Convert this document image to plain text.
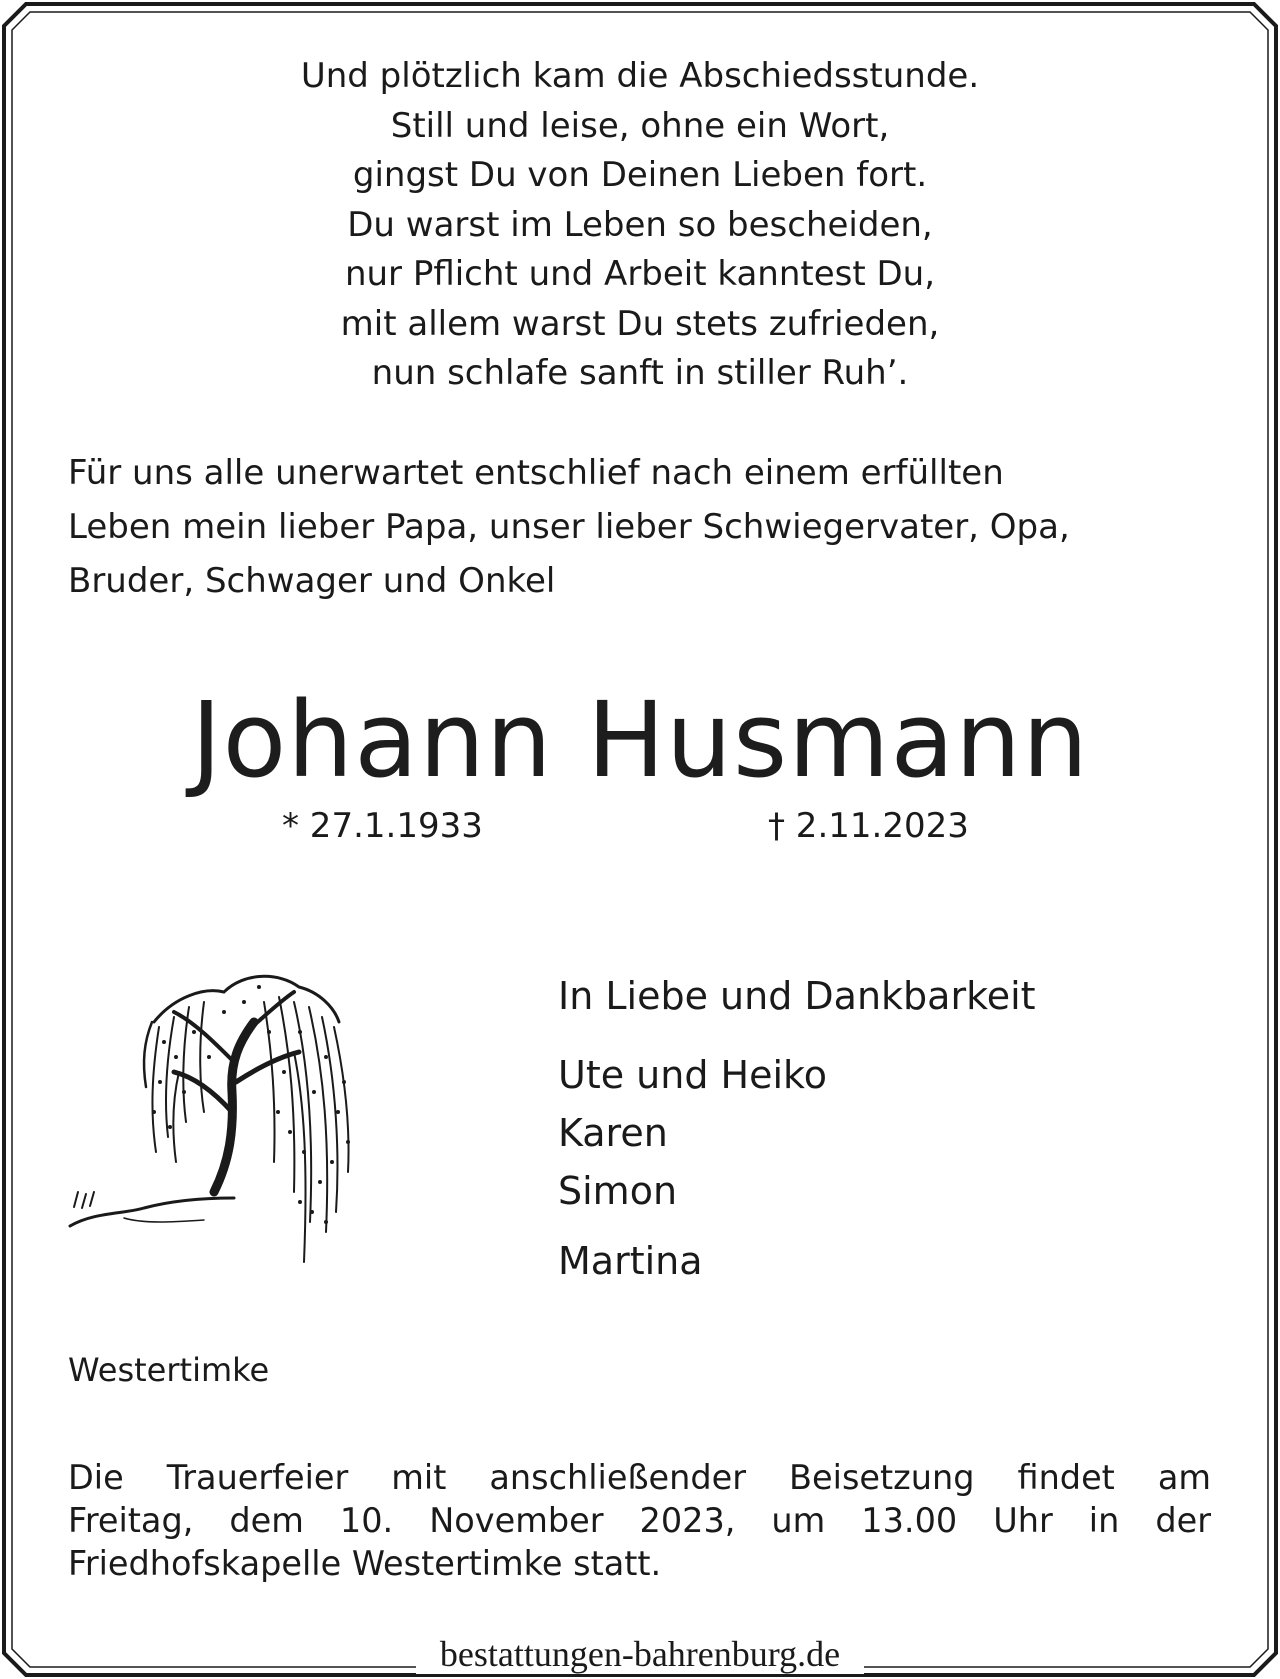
Und plötzlich kam die Abschiedsstunde.
Still und leise, ohne ein Wort,
gingst Du von Deinen Lieben fort.
Du warst im Leben so bescheiden,
nur Pflicht und Arbeit kanntest Du,
mit allem warst Du stets zufrieden,
nun schlafe sanft in stiller Ruh’.
Für uns alle unerwartet entschlief nach einem erfüllten
Leben mein lieber Papa, unser lieber Schwiegervater, Opa,
Bruder, Schwager und Onkel
Johann Husmann
* 27.1.1933	† 2.11.2023
In Liebe und Dankbarkeit
Ute und Heiko
Karen
Simon
Martina
Westertimke
Die Trauerfeier mit anschließender Beisetzung findet am
Freitag, dem 10. November 2023, um 13.00 Uhr in der
Friedhofskapelle Westertimke statt.
bestattungen-bahrenburg.de
